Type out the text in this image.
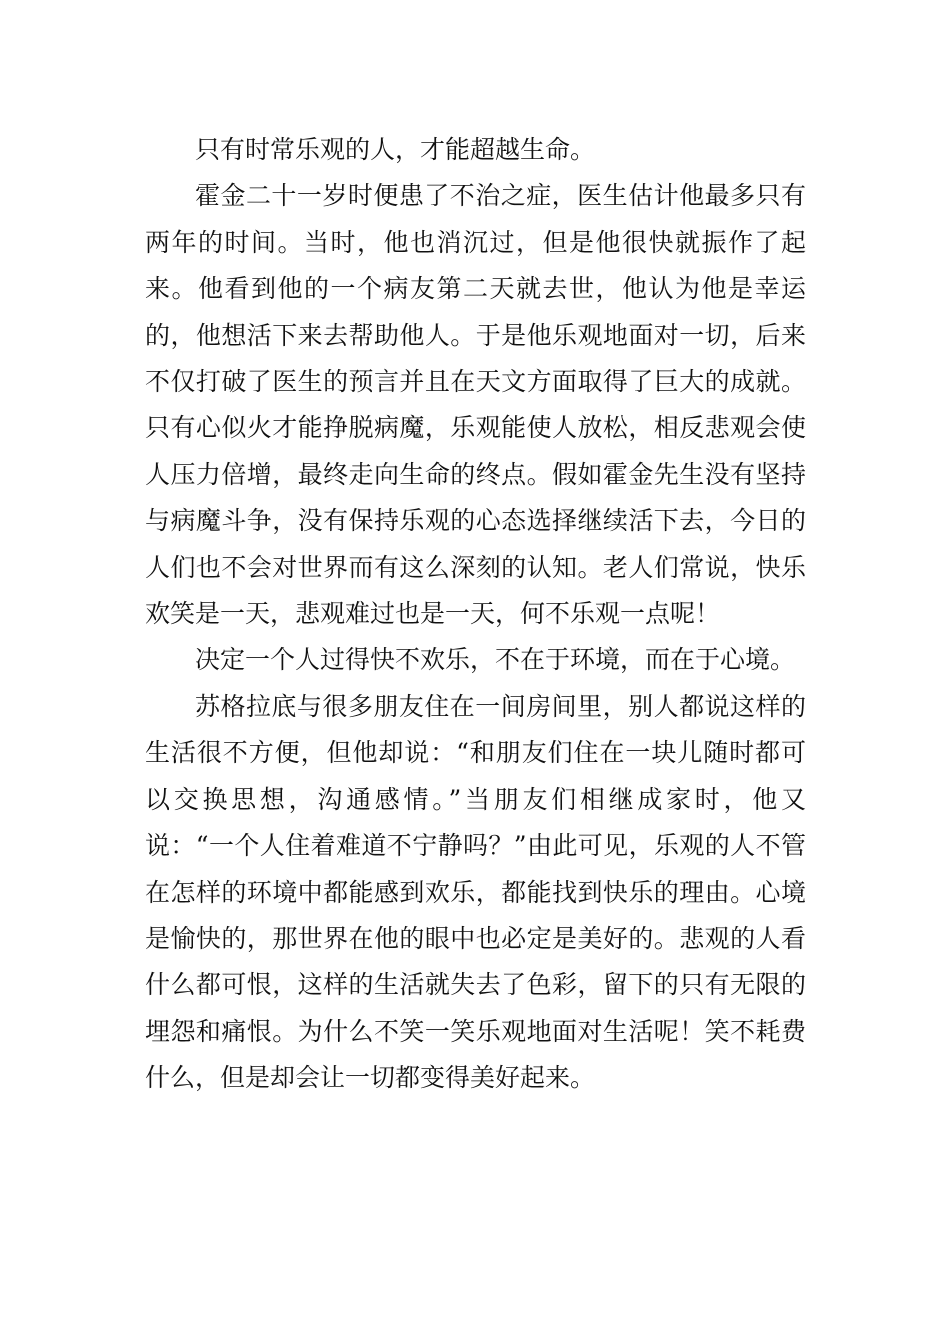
只有时常乐观的人，才能超越生命。

霍金二十一岁时便患了不治之症，医生估计他最多只有两年的时间。当时，他也消沉过，但是他很快就振作了起来。他看到他的一个病友第二天就去世，他认为他是幸运的，他想活下来去帮助他人。于是他乐观地面对一切，后来不仅打破了医生的预言并且在天文方面取得了巨大的成就。只有心似火才能挣脱病魔，乐观能使人放松，相反悲观会使人压力倍增，最终走向生命的终点。假如霍金先生没有坚持与病魔斗争，没有保持乐观的心态选择继续活下去，今日的人们也不会对世界而有这么深刻的认知。老人们常说，快乐欢笑是一天，悲观难过也是一天，何不乐观一点呢！

决定一个人过得快不欢乐，不在于环境，而在于心境。

苏格拉底与很多朋友住在一间房间里，别人都说这样的生活很不方便，但他却说：“和朋友们住在一块儿随时都可以交换思想，沟通感情。”当朋友们相继成家时，他又说：“一个人住着难道不宁静吗？”由此可见，乐观的人不管在怎样的环境中都能感到欢乐，都能找到快乐的理由。心境是愉快的，那世界在他的眼中也必定是美好的。悲观的人看什么都可恨，这样的生活就失去了色彩，留下的只有无限的埋怨和痛恨。为什么不笑一笑乐观地面对生活呢！笑不耗费什么，但是却会让一切都变得美好起来。
